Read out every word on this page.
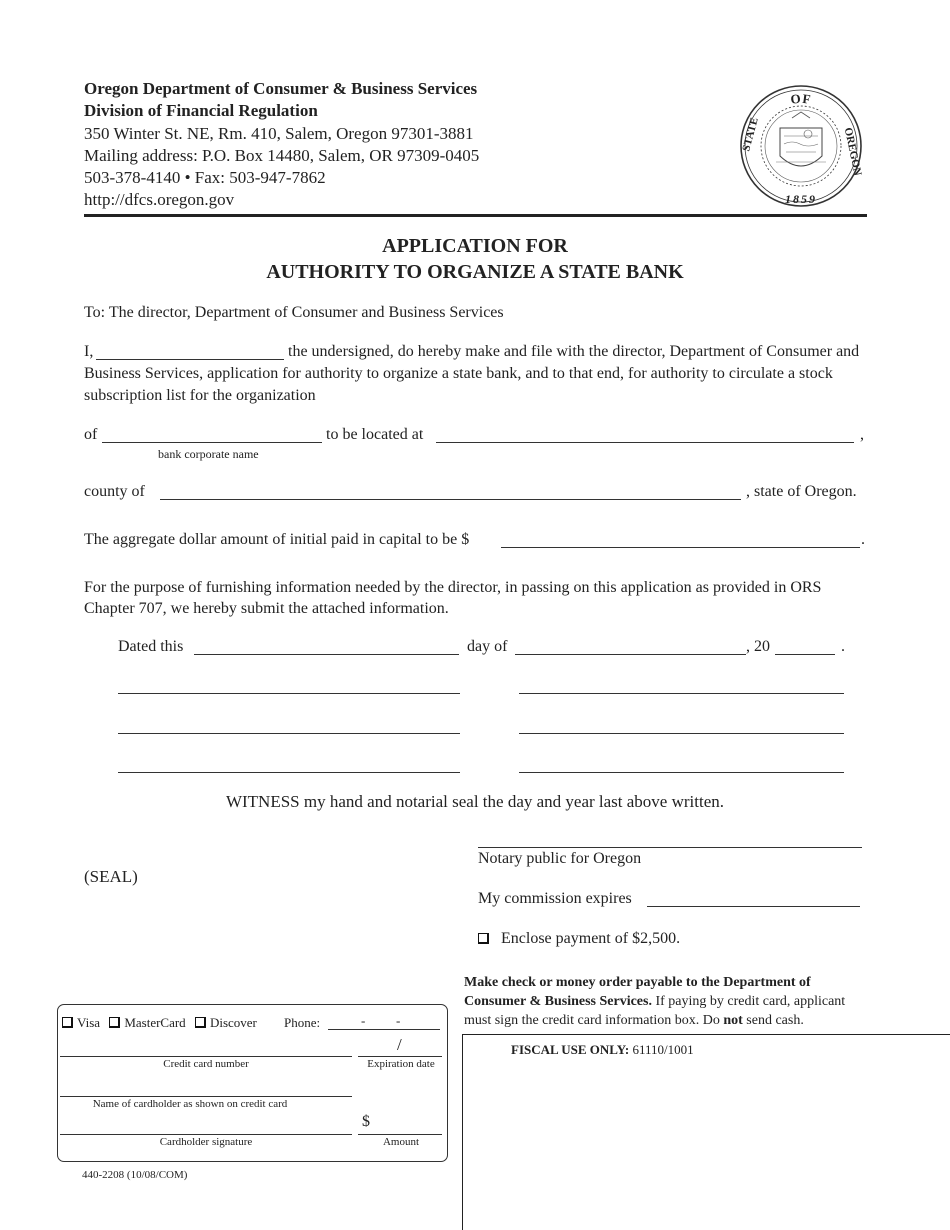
Oregon Department of Consumer & Business Services
Division of Financial Regulation
350 Winter St. NE, Rm. 410, Salem, Oregon 97301-3881
Mailing address: P.O. Box 14480, Salem, OR 97309-0405
503-378-4140 • Fax: 503-947-7862
http://dfcs.oregon.gov
OF
STATE	OREGON
1859
APPLICATION FOR
AUTHORITY TO ORGANIZE A STATE BANK
To: The director, Department of Consumer and Business Services
I,	the undersigned, do hereby make and file with the director, Department of Consumer and
Business Services, application for authority to organize a state bank, and to that end, for authority to circulate a stock
subscription list for the organization
of	to be located at	,
bank corporate name
county of	, state of Oregon.
The aggregate dollar amount of initial paid in capital to be $	.
For the purpose of furnishing information needed by the director, in passing on this application as provided in ORS
Chapter 707, we hereby submit the attached information.
Dated this	day of	, 20	.
WITNESS my hand and notarial seal the day and year last above written.
Notary public for Oregon
(SEAL)
My commission expires
Enclose payment of $2,500.
Make check or money order payable to the Department of
Consumer & Business Services. If paying by credit card, applicant
must sign the credit card information box. Do not send cash.
FISCAL USE ONLY: 61110/1001
Visa MasterCard Discover Phone:	- -
/
Credit card number	Expiration date
Name of cardholder as shown on credit card
$
Cardholder signature	Amount
440-2208 (10/08/COM)
